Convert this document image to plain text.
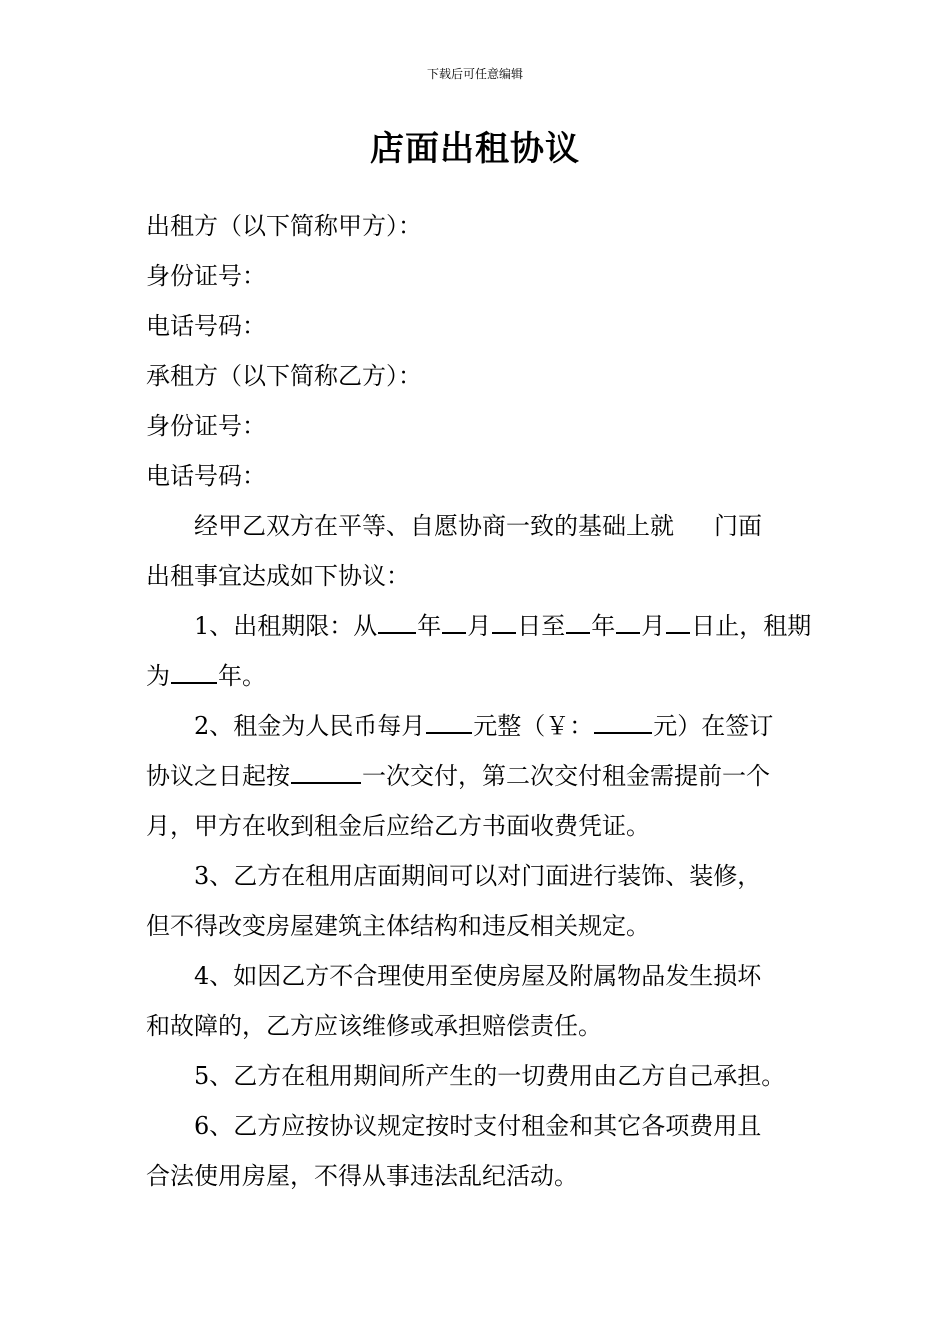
下载后可任意编辑
店面出租协议
出租方（以下简称甲方）：
身份证号：
电话号码：
承租方（以下简称乙方）：
身份证号：
电话号码：
经甲乙双方在平等、自愿协商一致的基础上就 门面
出租事宜达成如下协议：
1、出租期限：从 年 月 日至 年 月 日止，租期
为 年。
2、租金为人民币每月 元整（￥：	元）在签订
协议之日起按	一次交付，第二次交付租金需提前一个
月，甲方在收到租金后应给乙方书面收费凭证。
3、乙方在租用店面期间可以对门面进行装饰、装修，
但不得改变房屋建筑主体结构和违反相关规定。
4、如因乙方不合理使用至使房屋及附属物品发生损坏
和故障的，乙方应该维修或承担赔偿责任。
5、乙方在租用期间所产生的一切费用由乙方自己承担。
6、乙方应按协议规定按时支付租金和其它各项费用且
合法使用房屋，不得从事违法乱纪活动。
